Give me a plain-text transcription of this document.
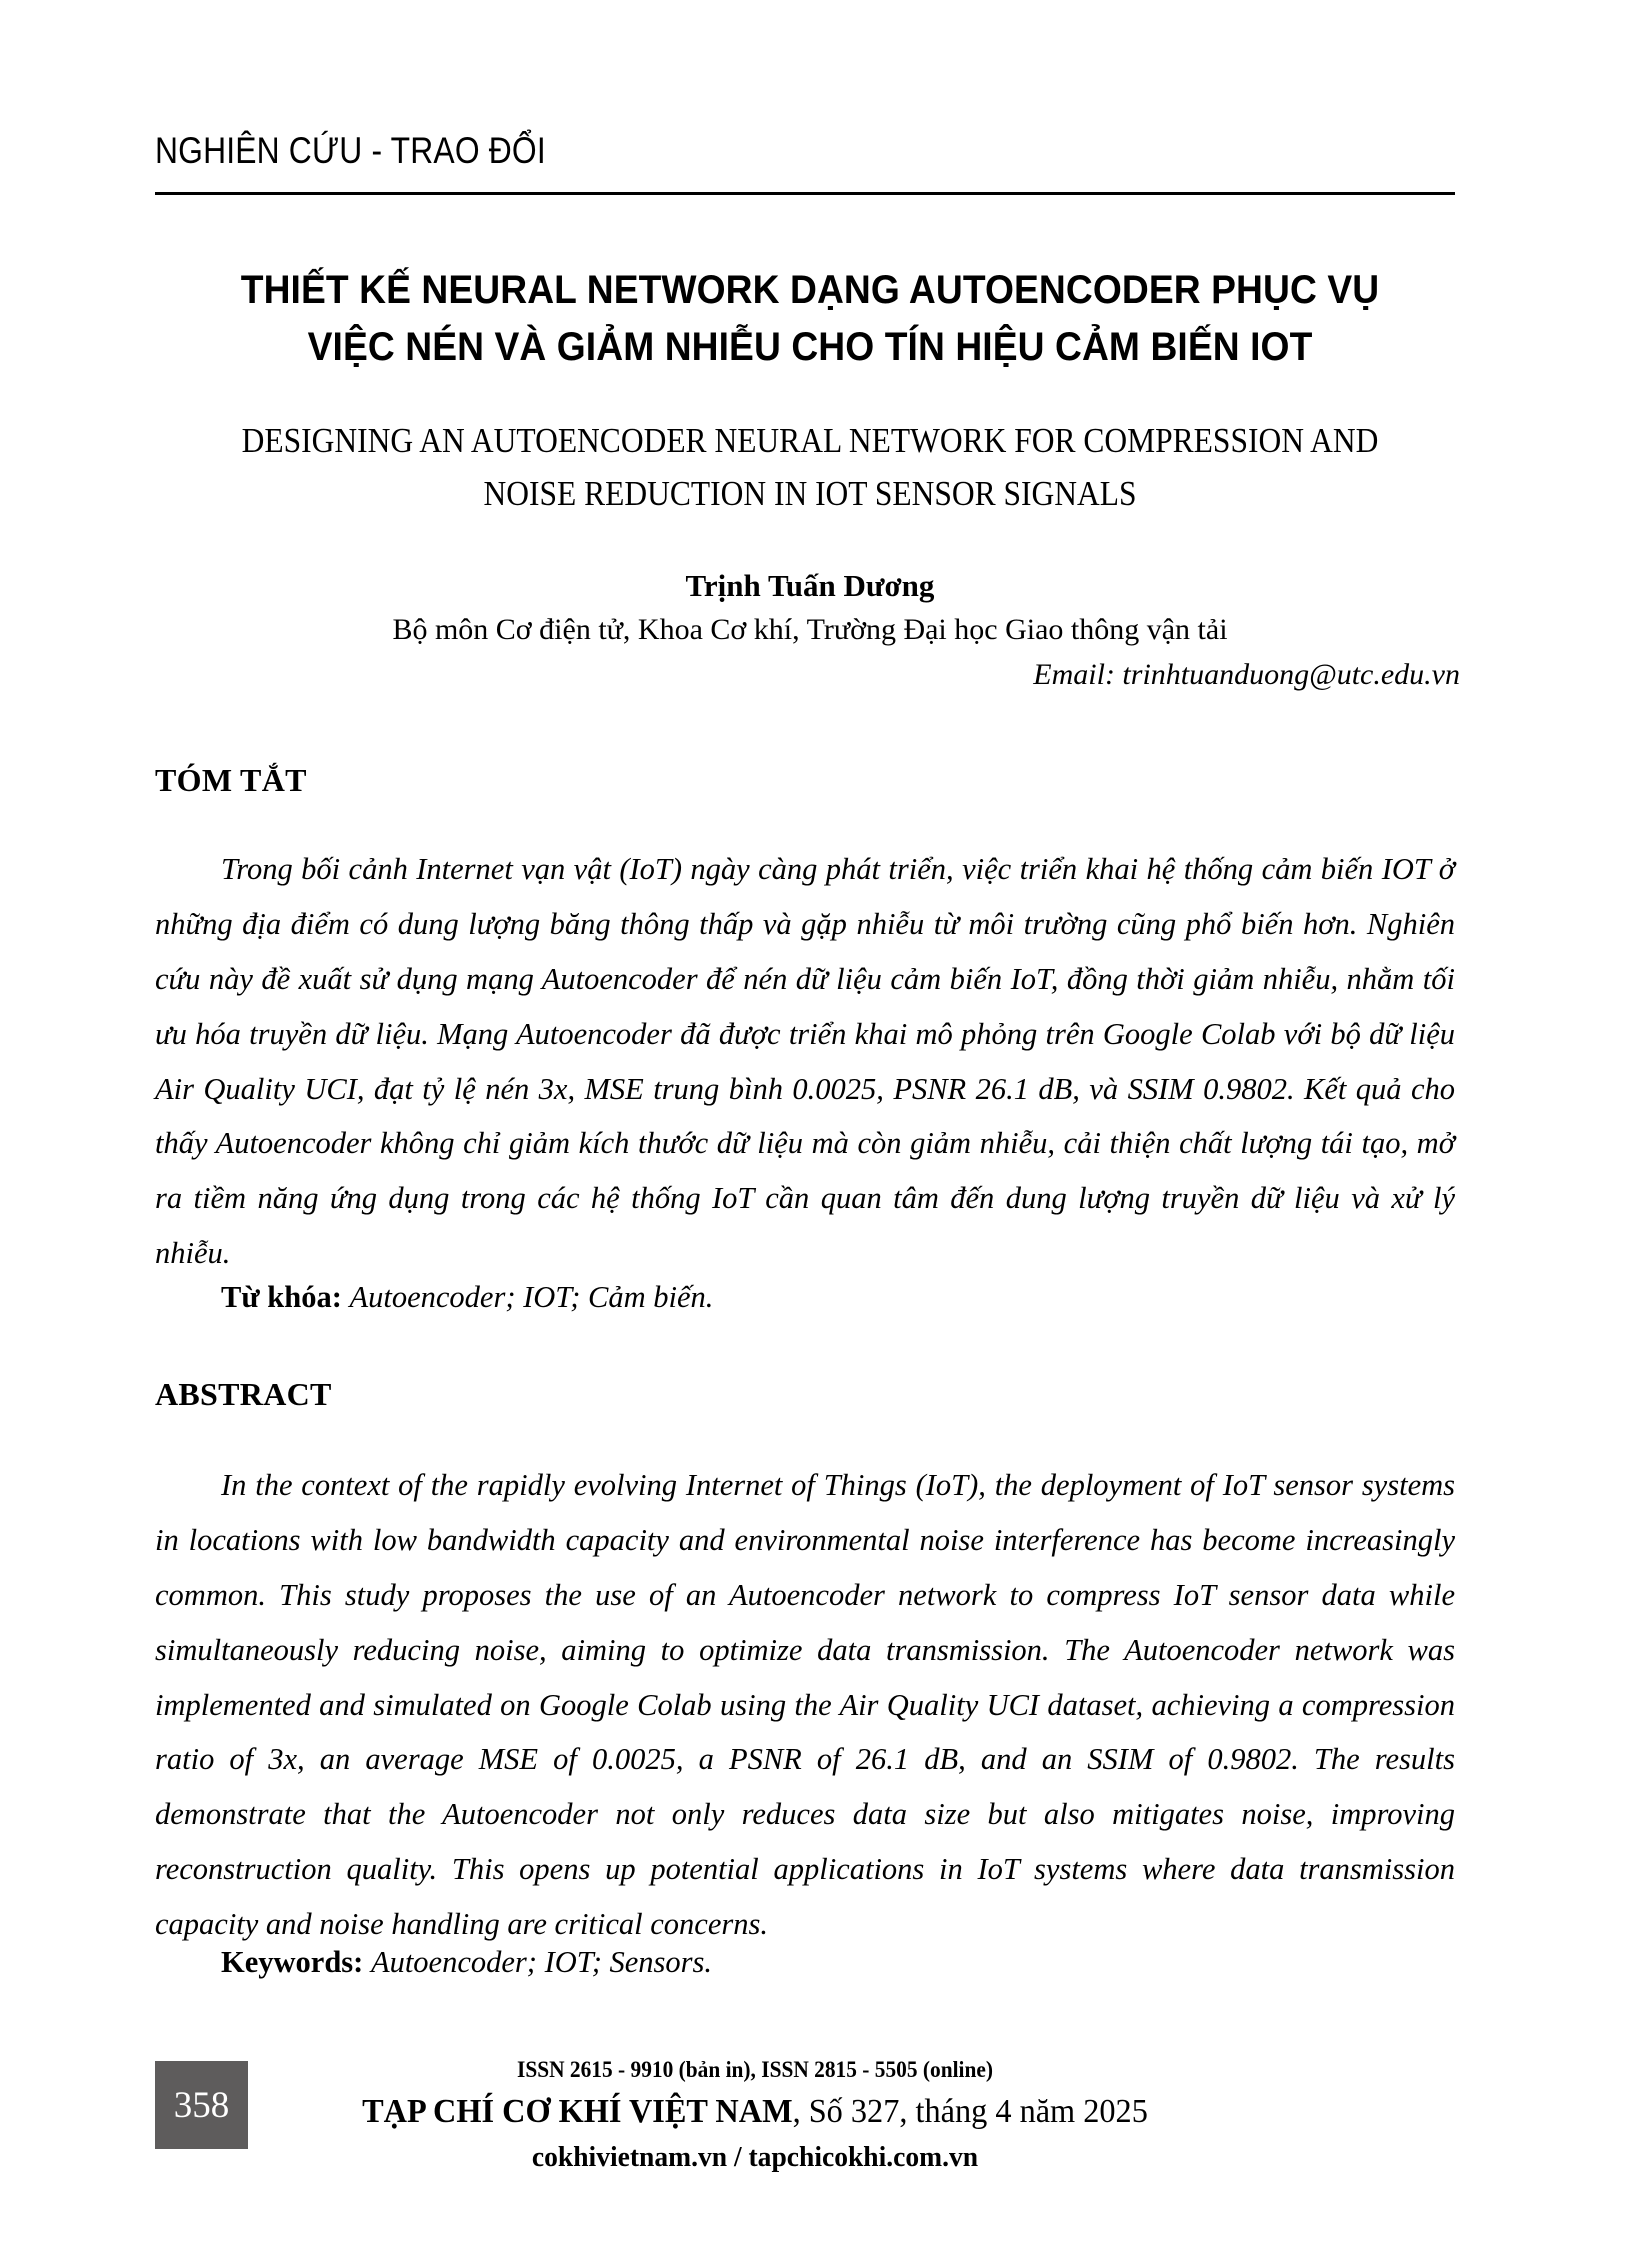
NGHIÊN CỨU - TRAO ĐỔI
THIẾT KẾ NEURAL NETWORK DẠNG AUTOENCODER PHỤC VỤ
VIỆC NÉN VÀ GIẢM NHIỄU CHO TÍN HIỆU CẢM BIẾN IOT
DESIGNING AN AUTOENCODER NEURAL NETWORK FOR COMPRESSION AND
NOISE REDUCTION IN IOT SENSOR SIGNALS
Trịnh Tuấn Dương
Bộ môn Cơ điện tử, Khoa Cơ khí, Trường Đại học Giao thông vận tải
Email: trinhtuanduong@utc.edu.vn
TÓM TẮT
Trong bối cảnh Internet vạn vật (IoT) ngày càng phát triển, việc triển khai hệ thống cảm biến IOT ở những địa điểm có dung lượng băng thông thấp và gặp nhiễu từ môi trường cũng phổ biến hơn. Nghiên cứu này đề xuất sử dụng mạng Autoencoder để nén dữ liệu cảm biến IoT, đồng thời giảm nhiễu, nhằm tối ưu hóa truyền dữ liệu. Mạng Autoencoder đã được triển khai mô phỏng trên Google Colab với bộ dữ liệu Air Quality UCI, đạt tỷ lệ nén 3x, MSE trung bình 0.0025, PSNR 26.1 dB, và SSIM 0.9802. Kết quả cho thấy Autoencoder không chỉ giảm kích thước dữ liệu mà còn giảm nhiễu, cải thiện chất lượng tái tạo, mở ra tiềm năng ứng dụng trong các hệ thống IoT cần quan tâm đến dung lượng truyền dữ liệu và xử lý nhiễu.
Từ khóa: Autoencoder; IOT; Cảm biến.
ABSTRACT
In the context of the rapidly evolving Internet of Things (IoT), the deployment of IoT sensor systems in locations with low bandwidth capacity and environmental noise interference has become increasingly common. This study proposes the use of an Autoencoder network to compress IoT sensor data while simultaneously reducing noise, aiming to optimize data transmission. The Autoencoder network was implemented and simulated on Google Colab using the Air Quality UCI dataset, achieving a compression ratio of 3x, an average MSE of 0.0025, a PSNR of 26.1 dB, and an SSIM of 0.9802. The results demonstrate that the Autoencoder not only reduces data size but also mitigates noise, improving reconstruction quality. This opens up potential applications in IoT systems where data transmission capacity and noise handling are critical concerns.
Keywords: Autoencoder; IOT; Sensors.
358
ISSN 2615 - 9910 (bản in), ISSN 2815 - 5505 (online)
TẠP CHÍ CƠ KHÍ VIỆT NAM, Số 327, tháng 4 năm 2025
cokhivietnam.vn / tapchicokhi.com.vn
